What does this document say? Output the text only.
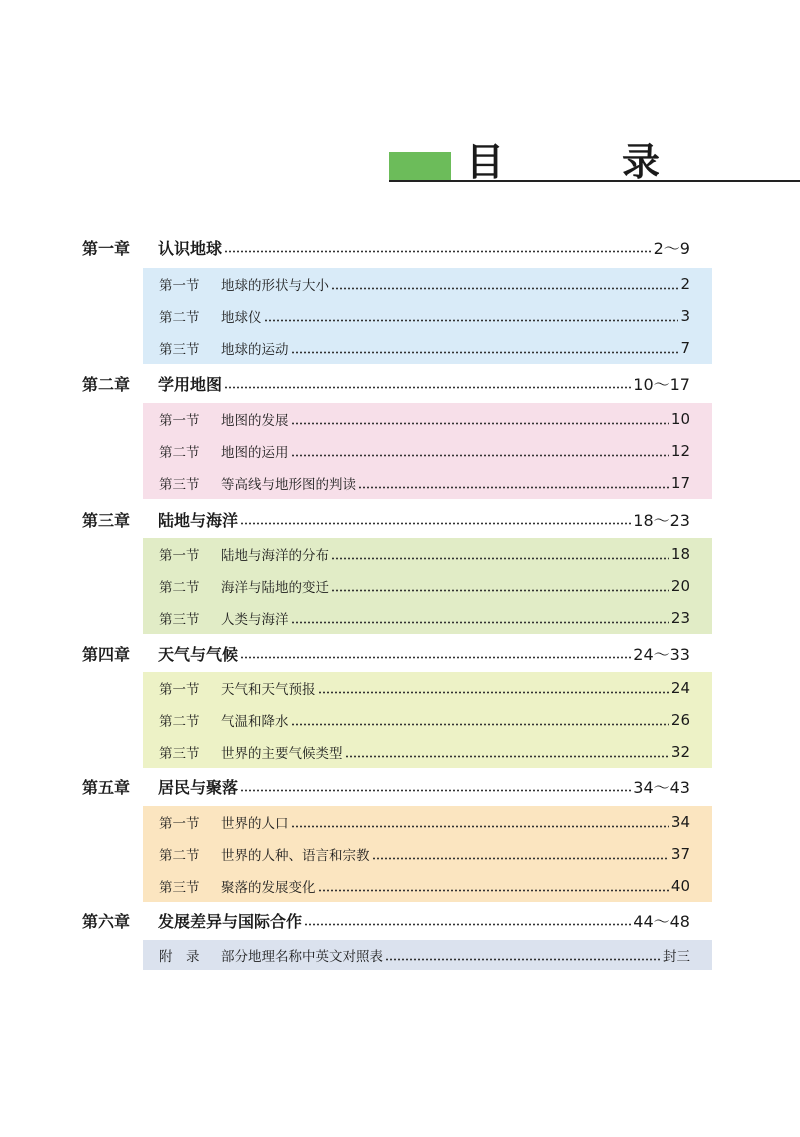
目　录
第一章	认识地球	2～9
第一节	地球的形状与大小	2
第二节	地球仪	3
第三节	地球的运动	7
第二章	学用地图	10～17
第一节	地图的发展	10
第二节	地图的运用	12
第三节	等高线与地形图的判读	17
第三章	陆地与海洋	18～23
第一节	陆地与海洋的分布	18
第二节	海洋与陆地的变迁	20
第三节	人类与海洋	23
第四章	天气与气候	24～33
第一节	天气和天气预报	24
第二节	气温和降水	26
第三节	世界的主要气候类型	32
第五章	居民与聚落	34～43
第一节	世界的人口	34
第二节	世界的人种、语言和宗教	37
第三节	聚落的发展变化	40
第六章	发展差异与国际合作	44～48
附　录	部分地理名称中英文对照表	封三
